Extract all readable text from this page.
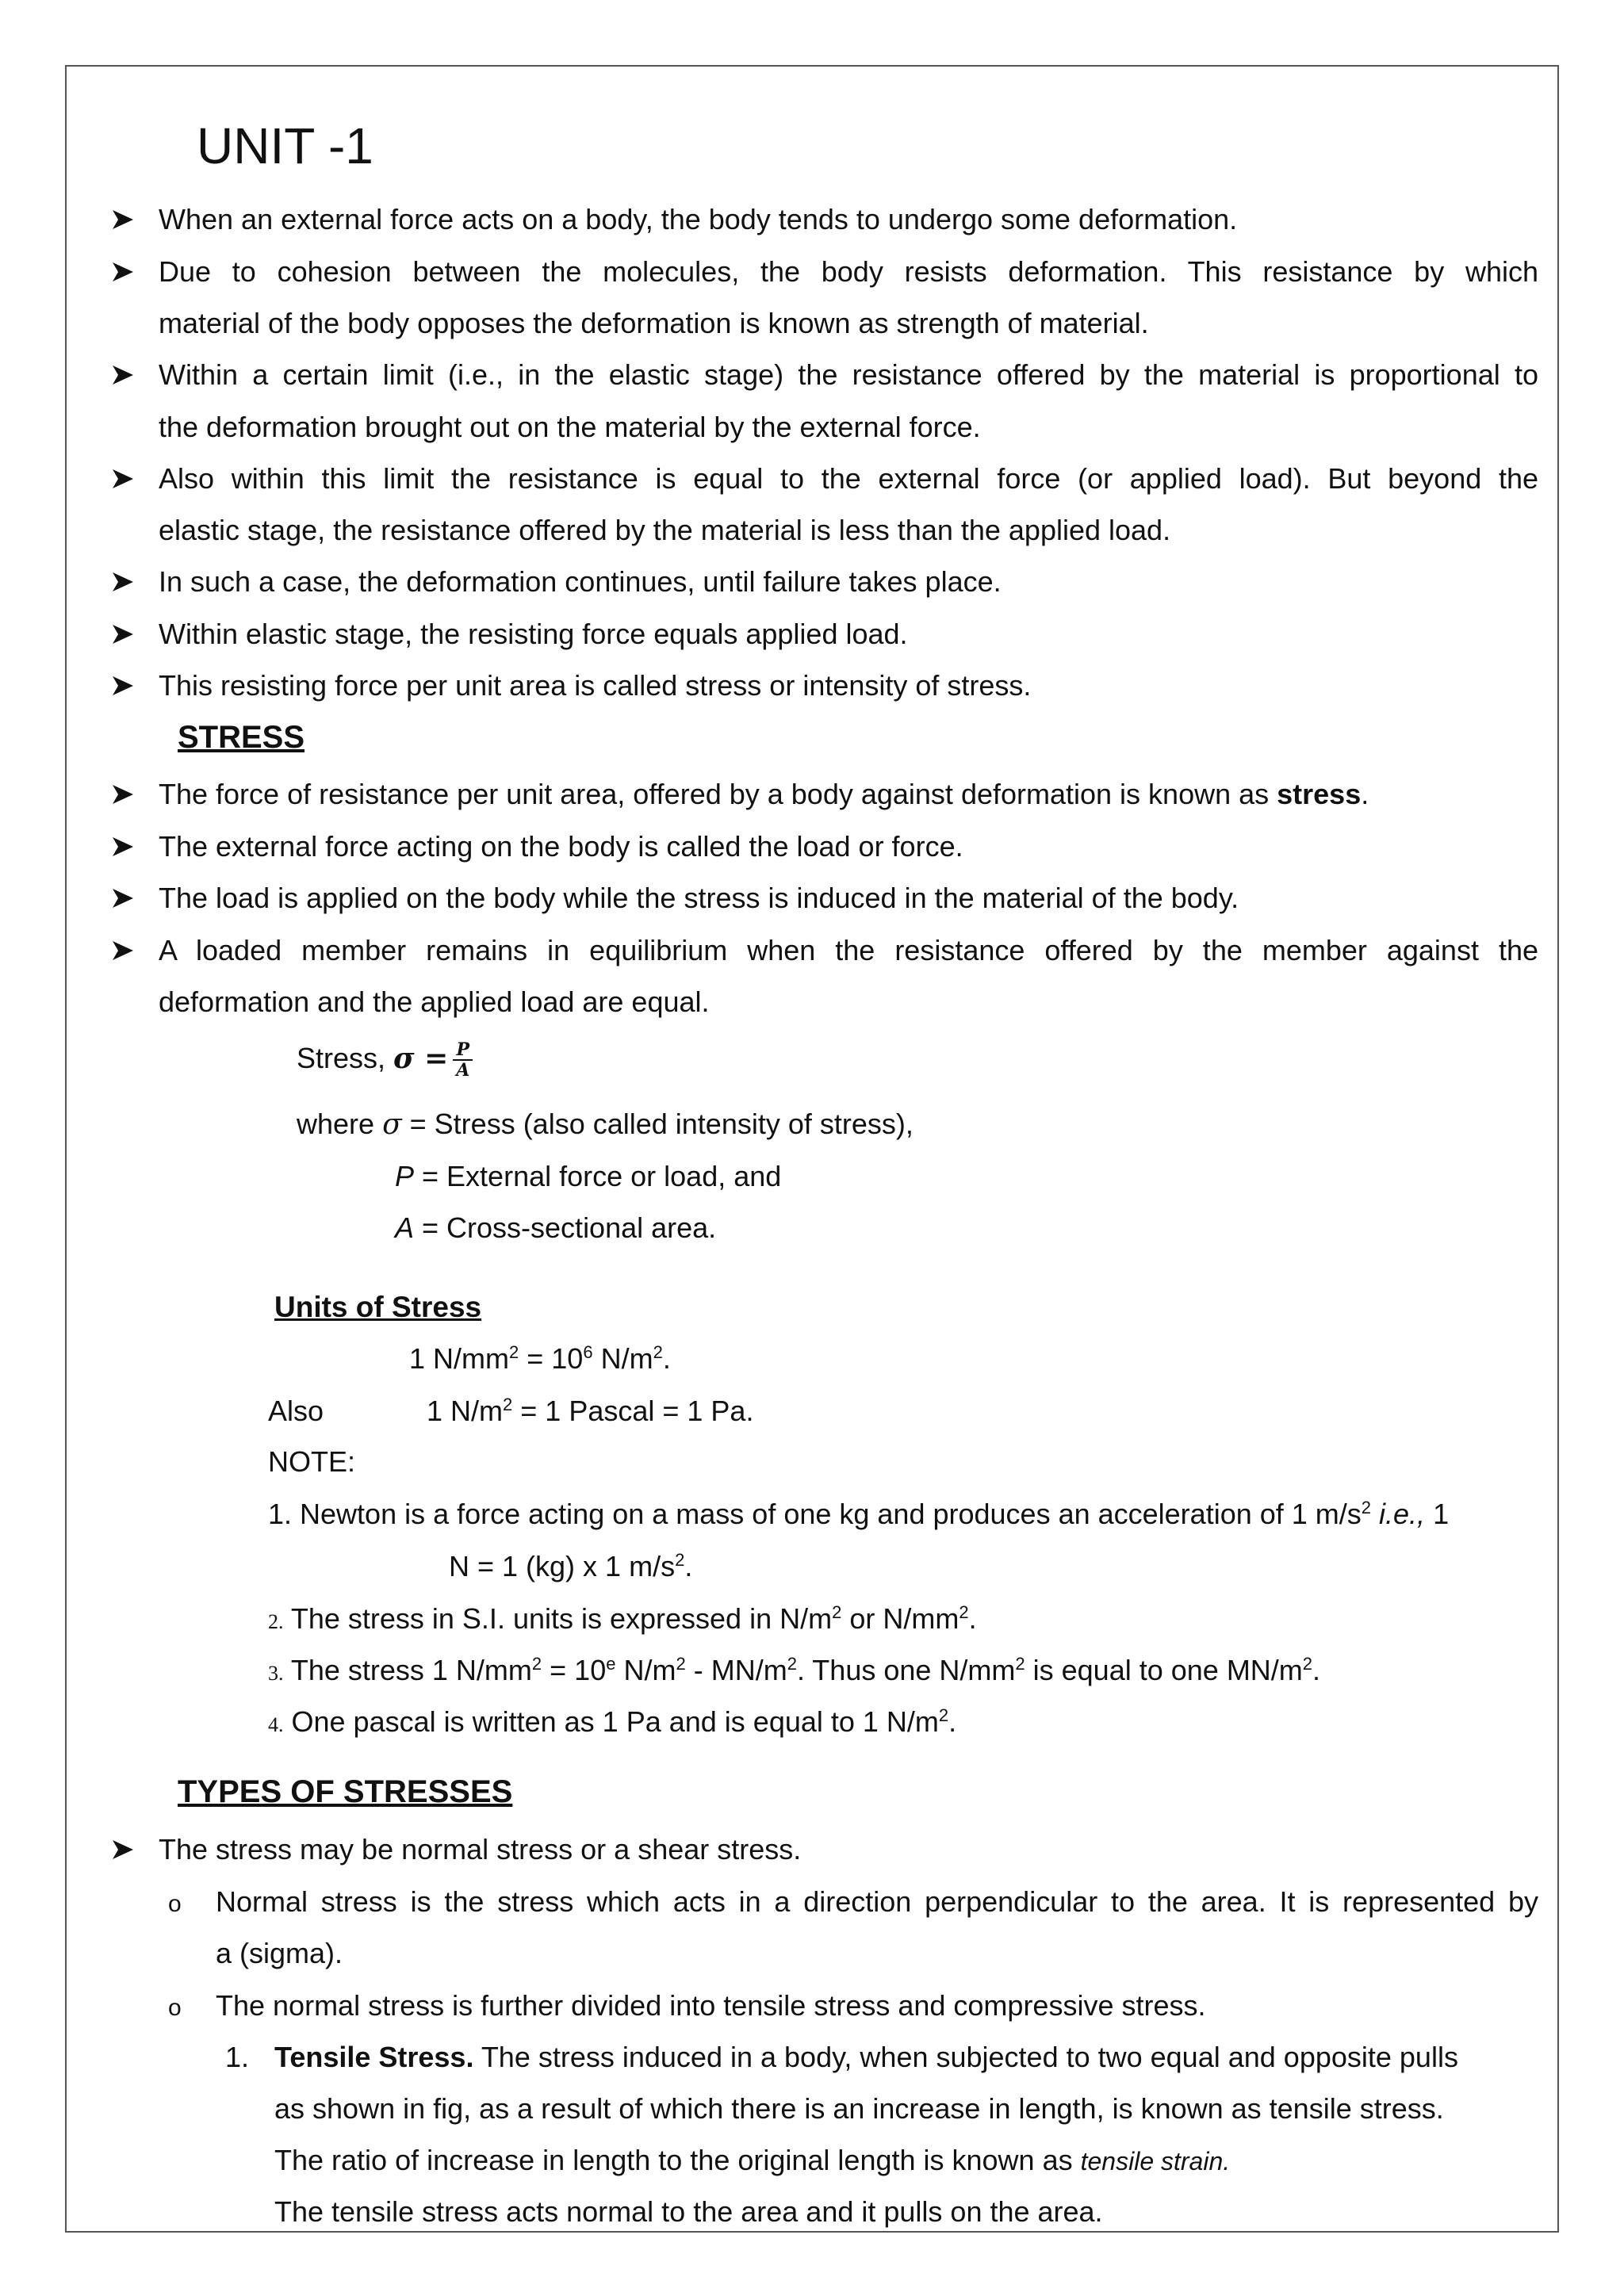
UNIT -1
When an external force acts on a body, the body tends to undergo some deformation.
Due to cohesion between the molecules, the body resists deformation. This resistance by which
material of the body opposes the deformation is known as strength of material.
Within a certain limit (i.e., in the elastic stage) the resistance offered by the material is proportional to
the deformation brought out on the material by the external force.
Also within this limit the resistance is equal to the external force (or applied load). But beyond the
elastic stage, the resistance offered by the material is less than the applied load.
In such a case, the deformation continues, until failure takes place.
Within elastic stage, the resisting force equals applied load.
This resisting force per unit area is called stress or intensity of stress.
STRESS
The force of resistance per unit area, offered by a body against deformation is known as stress.
The external force acting on the body is called the load or force.
The load is applied on the body while the stress is induced in the material of the body.
A loaded member remains in equilibrium when the resistance offered by the member against the
deformation and the applied load are equal.
Stress, $\sigma = \frac{P}{A}$
where σ = Stress (also called intensity of stress),
P = External force or load, and
A = Cross-sectional area.
Units of Stress
1 $N/mm^2 = 10^6$ $N/m^2$.
Also	1 $N/m^2 = 1$ Pascal = 1 Pa.
NOTE:
1. Newton is a force acting on a mass of one kg and produces an acceleration of 1 $m/s^2$ i.e., 1
N = 1 (kg) x 1 $m/s^2$.
2. The stress in S.I. units is expressed in $N/m^2$ or $N/mm^2$.
3. The stress 1 $N/mm^2 = 10^e$ $N/m^2 - MN/m^2$. Thus one $N/mm^2$ is equal to one $MN/m^2$.
4. One pascal is written as 1 Pa and is equal to 1 $N/m^2$.
TYPES OF STRESSES
The stress may be normal stress or a shear stress.
o Normal stress is the stress which acts in a direction perpendicular to the area. It is represented by
a (sigma).
o The normal stress is further divided into tensile stress and compressive stress.
1. Tensile Stress. The stress induced in a body, when subjected to two equal and opposite pulls
as shown in fig, as a result of which there is an increase in length, is known as tensile stress.
The ratio of increase in length to the original length is known as tensile strain.
The tensile stress acts normal to the area and it pulls on the area.
